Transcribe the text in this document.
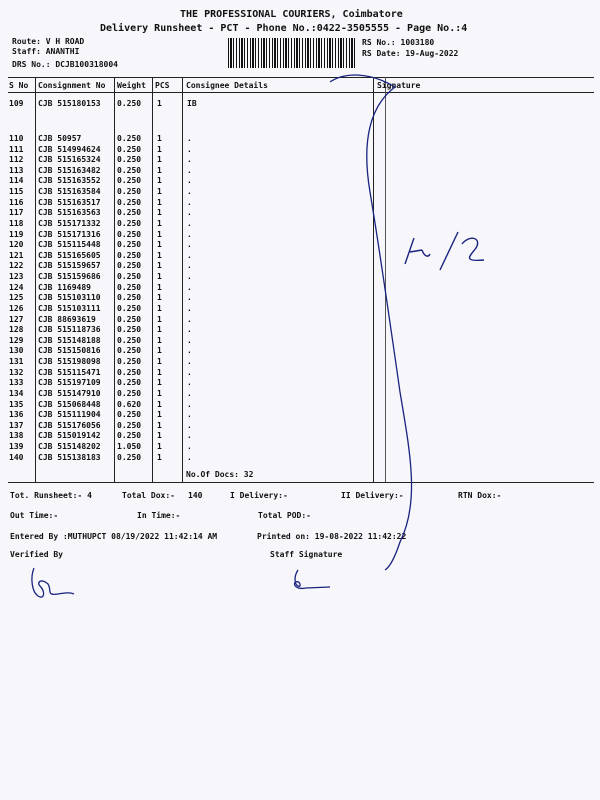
THE PROFESSIONAL COURIERS, Coimbatore
Delivery Runsheet - PCT - Phone No.:0422-3505555 - Page No.:4
Route: V H ROAD
Staff: ANANTHI
DRS No.: DCJB100318004
RS No.: 1003180
RS Date: 19-Aug-2022
S No Consignment No Weight PCS Consignee Details	Signature
109 CJB 515180153 0.250 1	IB
110 CJB 50957	0.250 1	.
111 CJB 514994624 0.250 1	.
112 CJB 515165324 0.250 1	.
113 CJB 515163482 0.250 1	.
114 CJB 515163552 0.250 1	.
115 CJB 515163584 0.250 1	.
116 CJB 515163517 0.250 1	.
117 CJB 515163563 0.250 1	.
118 CJB 515171332 0.250 1	.
119 CJB 515171316 0.250 1	.
120 CJB 515115448 0.250 1	.
121 CJB 515165605 0.250 1	.
122 CJB 515159657 0.250 1	.
123 CJB 515159686 0.250 1	.
124 CJB 1169489	0.250 1	.
125 CJB 515103110 0.250 1	.
126 CJB 515103111 0.250 1	.
127 CJB 88693619	0.250 1	.
128 CJB 515118736 0.250 1	.
129 CJB 515148188 0.250 1	.
130 CJB 515150816 0.250 1	.
131 CJB 515198098 0.250 1	.
132 CJB 515115471 0.250 1	.
133 CJB 515197109 0.250 1	.
134 CJB 515147910 0.250 1	.
135 CJB 515068448 0.620 1	.
136 CJB 515111904 0.250 1	.
137 CJB 515176056 0.250 1	.
138 CJB 515019142 0.250 1	.
139 CJB 515148202 1.050 1	.
140 CJB 515138183 0.250 1	.
No.Of Docs: 32
Tot. Runsheet:- 4	Total Dox:- 140	I Delivery:-	II Delivery:-	RTN Dox:-
Out Time:-	In Time:-	Total POD:-
Entered By :MUTHUPCT 08/19/2022 11:42:14 AM	Printed on: 19-08-2022 11:42:22
Verified By	Staff Signature
h/2
